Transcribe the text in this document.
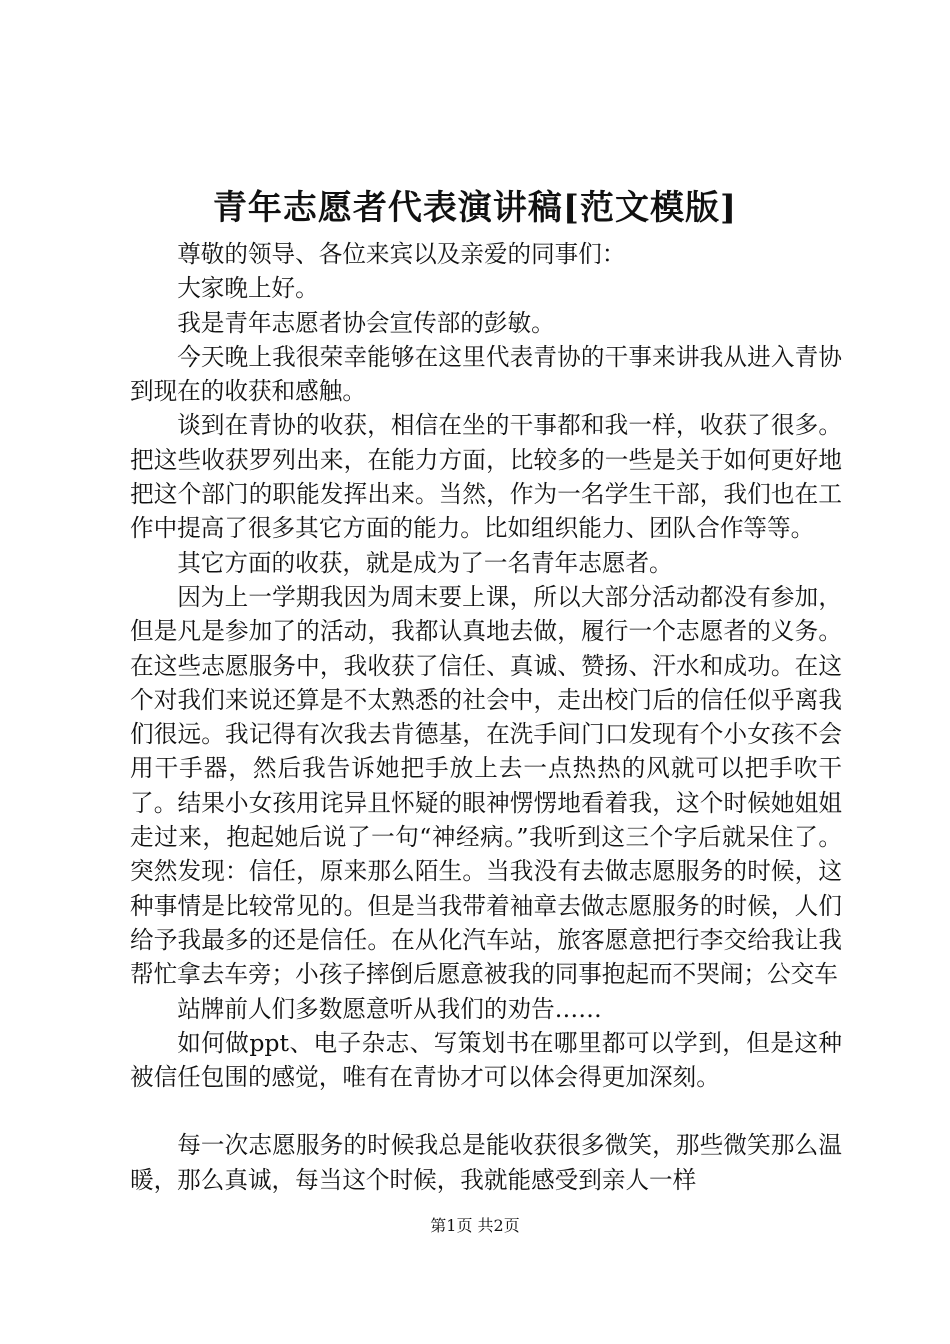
青年志愿者代表演讲稿[范文模版]

尊敬的领导、各位来宾以及亲爱的同事们：

大家晚上好。

我是青年志愿者协会宣传部的彭敏。

今天晚上我很荣幸能够在这里代表青协的干事来讲我从进入青协到现在的收获和感触。

谈到在青协的收获，相信在坐的干事都和我一样，收获了很多。把这些收获罗列出来，在能力方面，比较多的一些是关于如何更好地把这个部门的职能发挥出来。当然，作为一名学生干部，我们也在工作中提高了很多其它方面的能力。比如组织能力、团队合作等等。

其它方面的收获，就是成为了一名青年志愿者。

因为上一学期我因为周末要上课，所以大部分活动都没有参加，但是凡是参加了的活动，我都认真地去做，履行一个志愿者的义务。在这些志愿服务中，我收获了信任、真诚、赞扬、汗水和成功。在这个对我们来说还算是不太熟悉的社会中，走出校门后的信任似乎离我们很远。我记得有次我去肯德基，在洗手间门口发现有个小女孩不会用干手器，然后我告诉她把手放上去一点热热的风就可以把手吹干了。结果小女孩用诧异且怀疑的眼神愣愣地看着我，这个时候她姐姐走过来，抱起她后说了一句“神经病。”我听到这三个字后就呆住了。突然发现：信任，原来那么陌生。当我没有去做志愿服务的时候，这种事情是比较常见的。但是当我带着袖章去做志愿服务的时候，人们给予我最多的还是信任。在从化汽车站，旅客愿意把行李交给我让我帮忙拿去车旁；小孩子摔倒后愿意被我的同事抱起而不哭闹；公交车

站牌前人们多数愿意听从我们的劝告……

如何做ppt、电子杂志、写策划书在哪里都可以学到，但是这种被信任包围的感觉，唯有在青协才可以体会得更加深刻。

每一次志愿服务的时候我总是能收获很多微笑，那些微笑那么温暖，那么真诚，每当这个时候，我就能感受到亲人一样

第1页 共2页
